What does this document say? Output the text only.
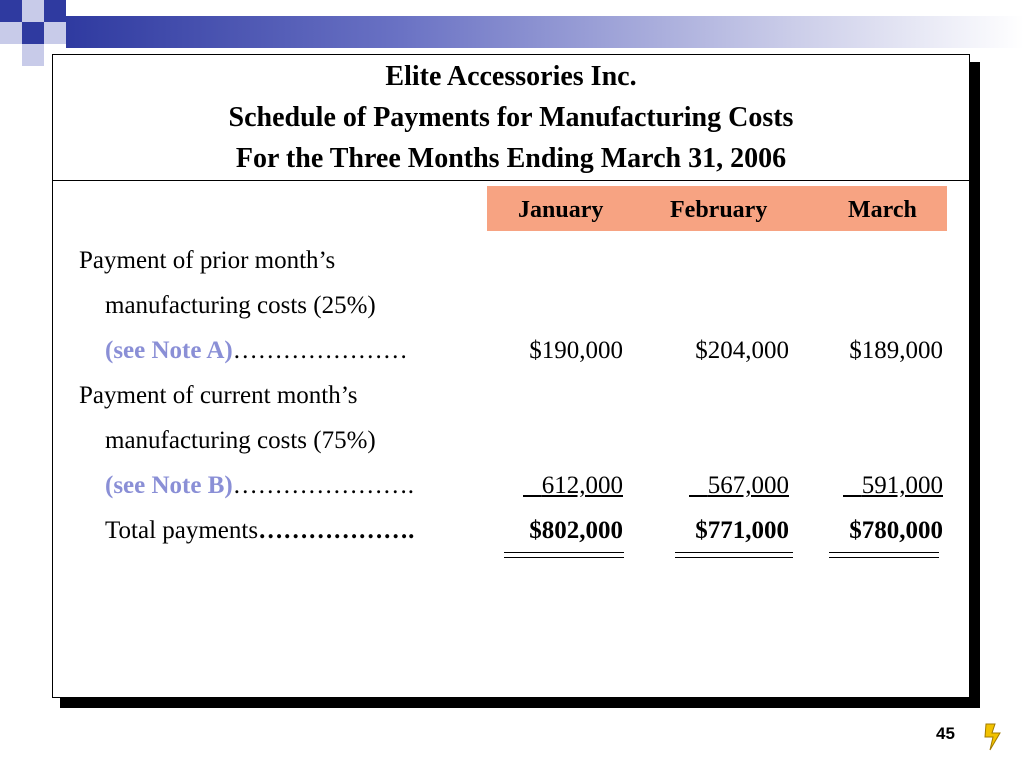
Elite Accessories Inc.
Schedule of Payments for Manufacturing Costs
For the Three Months Ending March 31, 2006
January	February	March
Payment of prior month’s
manufacturing costs (25%)
(see Note A)…………………	$190,000	$204,000	$189,000
Payment of current month’s
manufacturing costs (75%)
(see Note B)………………….	612,000	567,000	591,000
Total payments……………….	$802,000	$771,000	$780,000
45
